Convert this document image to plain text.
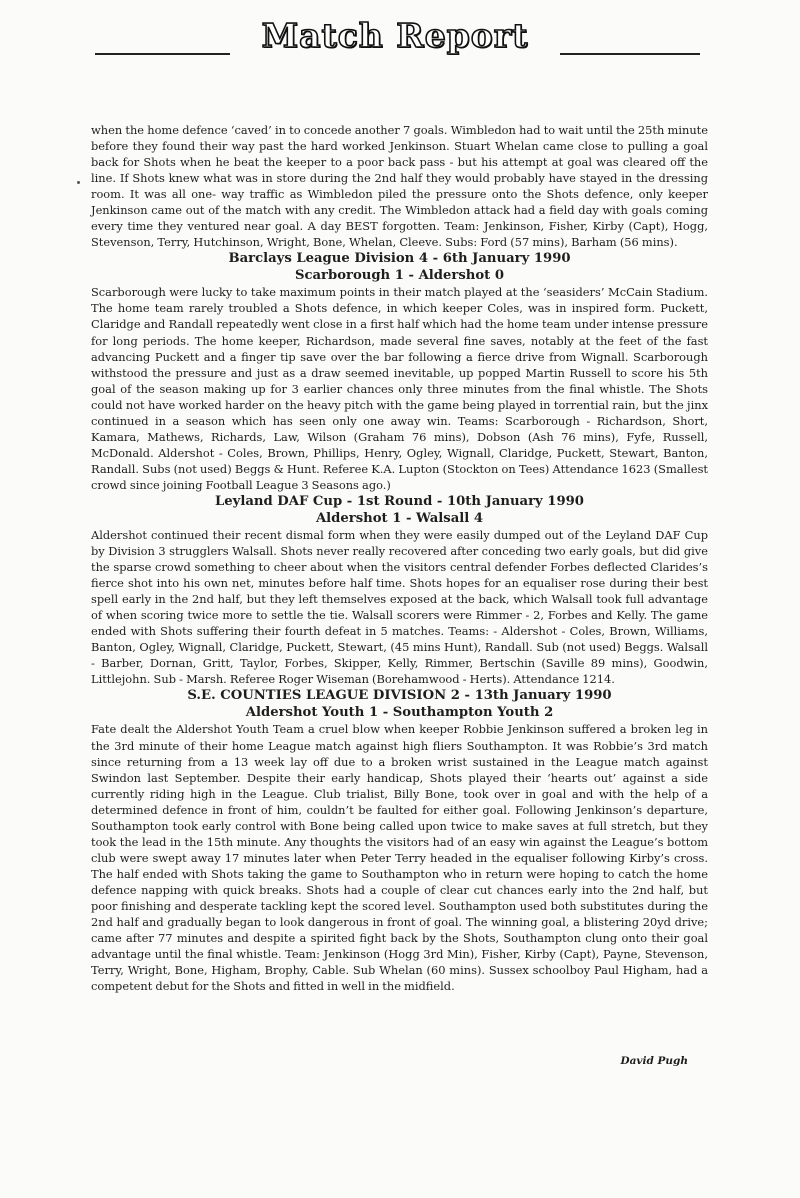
Match Report

when the home defence ‘caved’ in to concede another 7 goals. Wimbledon had to wait until the 25th minute before they found their way past the hard worked Jenkinson. Stuart Whelan came close to pulling a goal back for Shots when he beat the keeper to a poor back pass - but his attempt at goal was cleared off the line. If Shots knew what was in store during the 2nd half they would probably have stayed in the dressing room. It was all one- way traffic as Wimbledon piled the pressure onto the Shots defence, only keeper Jenkinson came out of the match with any credit. The Wimbledon attack had a field day with goals coming every time they ventured near goal. A day BEST forgotten. Team: Jenkinson, Fisher, Kirby (Capt), Hogg, Stevenson, Terry, Hutchinson, Wright, Bone, Whelan, Cleeve. Subs: Ford (57 mins), Barham (56 mins).

Barclays League Division 4 - 6th January 1990

Scarborough 1 - Aldershot 0

Scarborough were lucky to take maximum points in their match played at the ‘seasiders’ McCain Stadium. The home team rarely troubled a Shots defence, in which keeper Coles, was in inspired form. Puckett, Claridge and Randall repeatedly went close in a first half which had the home team under intense pressure for long periods. The home keeper, Richardson, made several fine saves, notably at the feet of the fast advancing Puckett and a finger tip save over the bar following a fierce drive from Wignall. Scarborough withstood the pressure and just as a draw seemed inevitable, up popped Martin Russell to score his 5th goal of the season making up for 3 earlier chances only three minutes from the final whistle. The Shots could not have worked harder on the heavy pitch with the game being played in torrential rain, but the jinx continued in a season which has seen only one away win. Teams: Scarborough - Richardson, Short, Kamara, Mathews, Richards, Law, Wilson (Graham 76 mins), Dobson (Ash 76 mins), Fyfe, Russell, McDonald. Aldershot - Coles, Brown, Phillips, Henry, Ogley, Wignall, Claridge, Puckett, Stewart, Banton, Randall. Subs (not used) Beggs & Hunt. Referee K.A. Lupton (Stockton on Tees) Attendance 1623 (Smallest crowd since joining Football League 3 Seasons ago.)

Leyland DAF Cup - 1st Round - 10th January 1990

Aldershot 1 - Walsall 4

Aldershot continued their recent dismal form when they were easily dumped out of the Leyland DAF Cup by Division 3 strugglers Walsall. Shots never really recovered after conceding two early goals, but did give the sparse crowd something to cheer about when the visitors central defender Forbes deflected Clarides’s fierce shot into his own net, minutes before half time. Shots hopes for an equaliser rose during their best spell early in the 2nd half, but they left themselves exposed at the back, which Walsall took full advantage of when scoring twice more to settle the tie. Walsall scorers were Rimmer - 2, Forbes and Kelly. The game ended with Shots suffering their fourth defeat in 5 matches. Teams: - Aldershot - Coles, Brown, Williams, Banton, Ogley, Wignall, Claridge, Puckett, Stewart, (45 mins Hunt), Randall. Sub (not used) Beggs. Walsall - Barber, Dornan, Gritt, Taylor, Forbes, Skipper, Kelly, Rimmer, Bertschin (Saville 89 mins), Goodwin, Littlejohn. Sub - Marsh. Referee Roger Wiseman (Borehamwood - Herts). Attendance 1214.

S.E. COUNTIES LEAGUE DIVISION 2 - 13th January 1990

Aldershot Youth 1 - Southampton Youth 2

Fate dealt the Aldershot Youth Team a cruel blow when keeper Robbie Jenkinson suffered a broken leg in the 3rd minute of their home League match against high fliers Southampton. It was Robbie’s 3rd match since returning from a 13 week lay off due to a broken wrist sustained in the League match against Swindon last September. Despite their early handicap, Shots played their ‘hearts out’ against a side currently riding high in the League. Club trialist, Billy Bone, took over in goal and with the help of a determined defence in front of him, couldn’t be faulted for either goal. Following Jenkinson’s departure, Southampton took early control with Bone being called upon twice to make saves at full stretch, but they took the lead in the 15th minute. Any thoughts the visitors had of an easy win against the League’s bottom club were swept away 17 minutes later when Peter Terry headed in the equaliser following Kirby’s cross. The half ended with Shots taking the game to Southampton who in return were hoping to catch the home defence napping with quick breaks. Shots had a couple of clear cut chances early into the 2nd half, but poor finishing and desperate tackling kept the scored level. Southampton used both substitutes during the 2nd half and gradually began to look dangerous in front of goal. The winning goal, a blistering 20yd drive; came after 77 minutes and despite a spirited fight back by the Shots, Southampton clung onto their goal advantage until the final whistle. Team: Jenkinson (Hogg 3rd Min), Fisher, Kirby (Capt), Payne, Stevenson, Terry, Wright, Bone, Higham, Brophy, Cable. Sub Whelan (60 mins). Sussex schoolboy Paul Higham, had a competent debut for the Shots and fitted in well in the midfield.

David Pugh
